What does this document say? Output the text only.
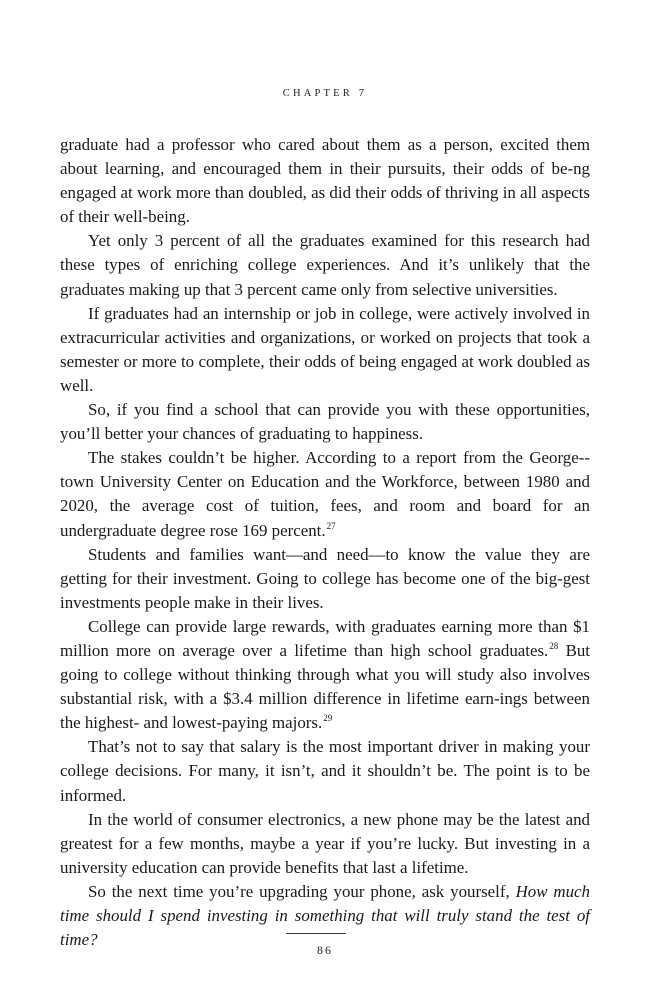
CHAPTER 7

graduate had a professor who cared about them as a person, excited them about learning, and encouraged them in their pursuits, their odds of be-ng engaged at work more than doubled, as did their odds of thriving in all aspects of their well-being.

Yet only 3 percent of all the graduates examined for this research had these types of enriching college experiences. And it’s unlikely that the graduates making up that 3 percent came only from selective universities.

If graduates had an internship or job in college, were actively involved in extracurricular activities and organizations, or worked on projects that took a semester or more to complete, their odds of being engaged at work doubled as well.

So, if you find a school that can provide you with these opportunities, you’ll better your chances of graduating to happiness.

The stakes couldn’t be higher. According to a report from the George-town University Center on Education and the Workforce, between 1980 and 2020, the average cost of tuition, fees, and room and board for an undergraduate degree rose 169 percent.$^{27}$

Students and families want—and need—to know the value they are getting for their investment. Going to college has become one of the big-gest investments people make in their lives.

College can provide large rewards, with graduates earning more than $1 million more on average over a lifetime than high school graduates.$^{28}$ But going to college without thinking through what you will study also involves substantial risk, with a $3.4 million difference in lifetime earn-ings between the highest- and lowest-paying majors.$^{29}$

That’s not to say that salary is the most important driver in making your college decisions. For many, it isn’t, and it shouldn’t be. The point is to be informed.

In the world of consumer electronics, a new phone may be the latest and greatest for a few months, maybe a year if you’re lucky. But investing in a university education can provide benefits that last a lifetime.

So the next time you’re upgrading your phone, ask yourself, How much time should I spend investing in something that will truly stand the test of time?

86
